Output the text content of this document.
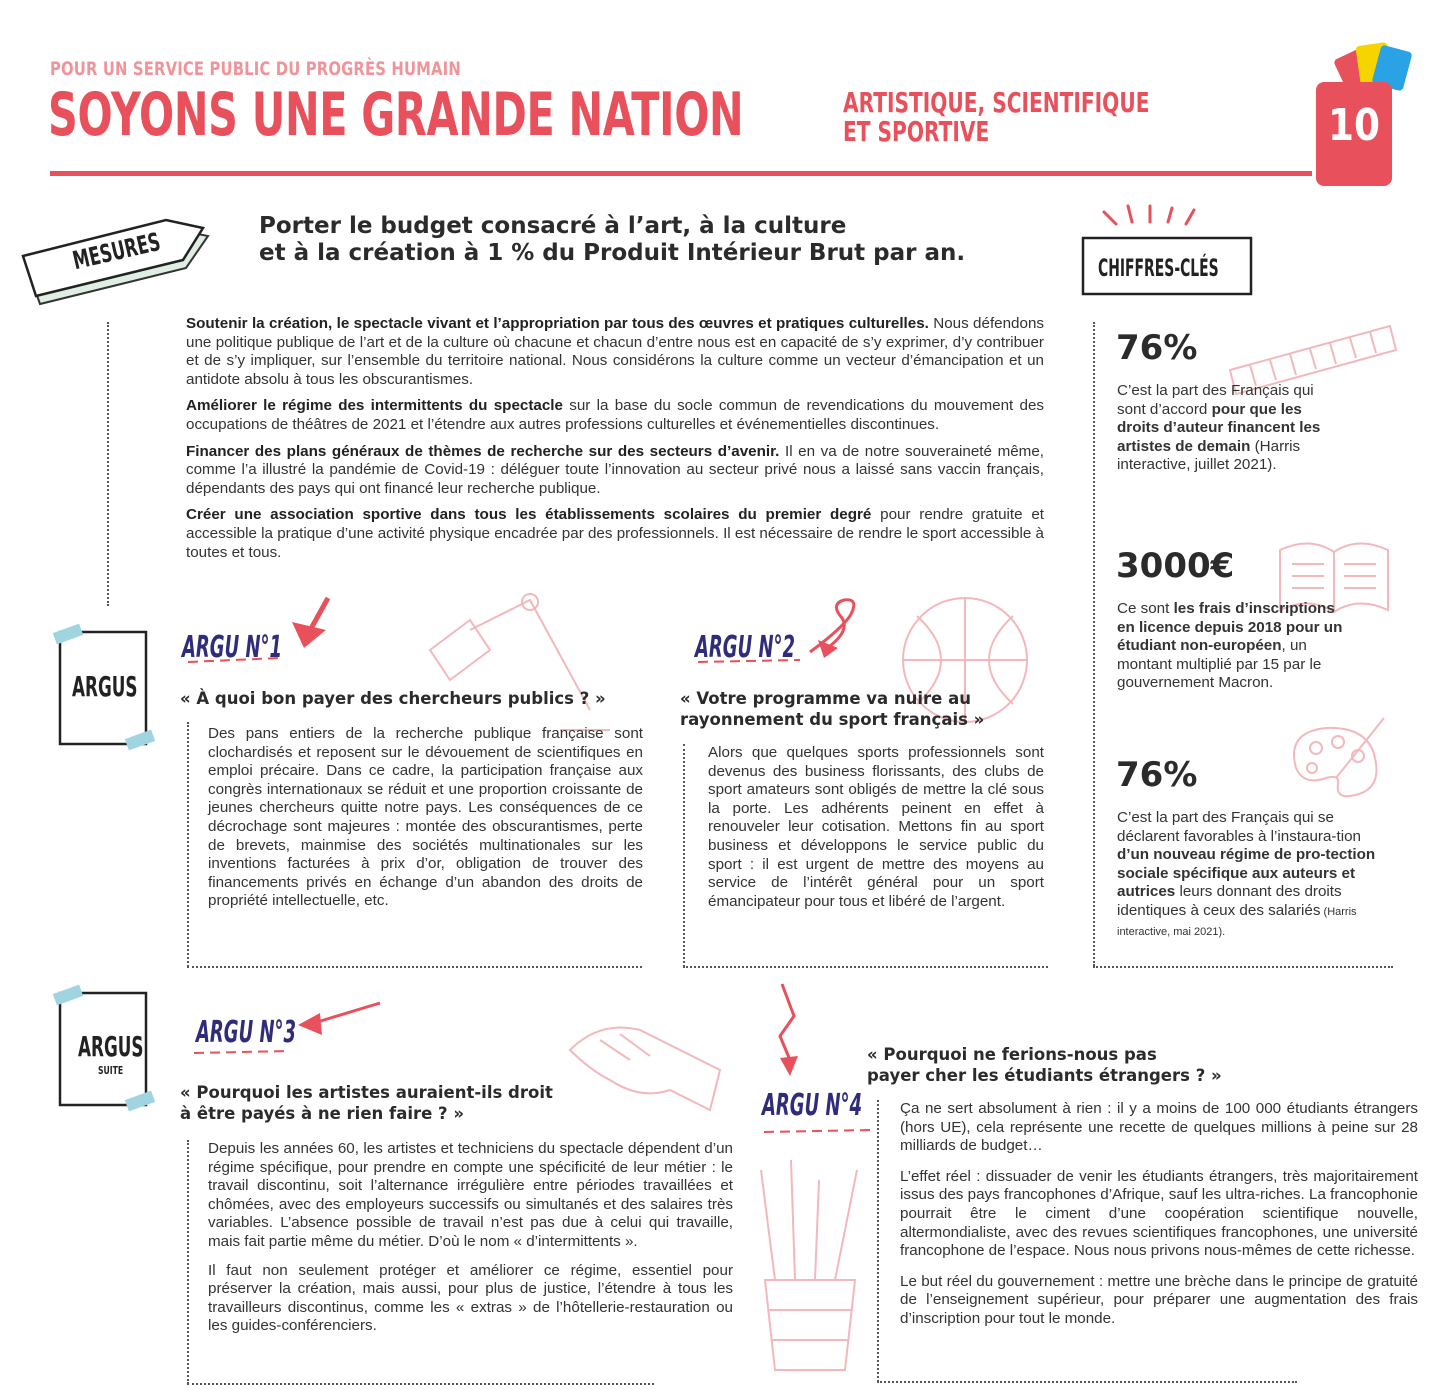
POUR UN SERVICE PUBLIC DU PROGRÈS HUMAIN
SOYONS UNE GRANDE NATION	ARTISTIQUE, SCIENTIFIQUE
ET SPORTIVE	10
MESURES
Porter le budget consacré à l’art, à la culture
et à la création à 1 % du Produit Intérieur Brut par an.

Soutenir la création, le spectacle vivant et l’appropriation par tous des œuvres et pratiques culturelles. Nous défendons une politique publique de l’art et de la culture où chacune et chacun d’entre nous est en capacité de s’y exprimer, d’y contribuer et de s’y impliquer, sur l’ensemble du territoire national. Nous considérons la culture comme un vecteur d’émancipation et un antidote absolu à tous les obscurantismes.

Améliorer le régime des intermittents du spectacle sur la base du socle commun de revendications du mouvement des occupations de théâtres de 2021 et l’étendre aux autres professions culturelles et événementielles discontinues.

Financer des plans généraux de thèmes de recherche sur des secteurs d’avenir. Il en va de notre souveraineté même, comme l’a illustré la pandémie de Covid-19 : déléguer toute l’innovation au secteur privé nous a laissé sans vaccin français, dépendants des pays qui ont financé leur recherche publique.

Créer une association sportive dans tous les établissements scolaires du premier degré pour rendre gratuite et accessible la pratique d’une activité physique encadrée par des professionnels. Il est nécessaire de rendre le sport accessible à toutes et tous.

CHIFFRES-CLÉS
76%
C’est la part des Français qui sont d’accord pour que les droits d’auteur financent les artistes de demain (Harris interactive, juillet 2021).
3000€
Ce sont les frais d’inscriptions en licence depuis 2018 pour un étudiant non-européen, un montant multiplié par 15 par le gouvernement Macron.
76%
C’est la part des Français qui se déclarent favorables à l’instaura-tion d’un nouveau régime de pro-tection sociale spécifique aux auteurs et autrices leurs donnant des droits identiques à ceux des salariés (Harris interactive, mai 2021).
ARGUS
ARGU N°1
« À quoi bon payer des chercheurs publics ? »

Des pans entiers de la recherche publique française sont clochardisés et reposent sur le dévouement de scientifiques en emploi précaire. Dans ce cadre, la participation française aux congrès internationaux se réduit et une proportion croissante de jeunes chercheurs quitte notre pays. Les conséquences de ce décrochage sont majeures : montée des obscurantismes, perte de brevets, mainmise des sociétés multinationales sur les inventions facturées à prix d’or, obligation de trouver des financements privés en échange d’un abandon des droits de propriété intellectuelle, etc.

ARGU N°2
« Votre programme va nuire au
rayonnement du sport français »

Alors que quelques sports professionnels sont devenus des business florissants, des clubs de sport amateurs sont obligés de mettre la clé sous la porte. Les adhérents peinent en effet à renouveler leur cotisation. Mettons fin au sport business et développons le service public du sport : il est urgent de mettre des moyens au service de l’intérêt général pour un sport émancipateur pour tous et libéré de l’argent.

ARGUS
SUITE
ARGU N°3
« Pourquoi les artistes auraient-ils droit
à être payés à ne rien faire ? »

Depuis les années 60, les artistes et techniciens du spectacle dépendent d’un régime spécifique, pour prendre en compte une spécificité de leur métier : le travail discontinu, soit l’alternance irrégulière entre périodes travaillées et chômées, avec des employeurs successifs ou simultanés et des salaires très variables. L’absence possible de travail n’est pas due à celui qui travaille, mais fait partie même du métier. D’où le nom « d’intermittents ».

Il faut non seulement protéger et améliorer ce régime, essentiel pour préserver la création, mais aussi, pour plus de justice, l’étendre à tous les travailleurs discontinus, comme les « extras » de l’hôtellerie-restauration ou les guides-conférenciers.

ARGU N°4
« Pourquoi ne ferions-nous pas
payer cher les étudiants étrangers ? »

Ça ne sert absolument à rien : il y a moins de 100 000 étudiants étrangers (hors UE), cela représente une recette de quelques millions à peine sur 28 milliards de budget…

L’effet réel : dissuader de venir les étudiants étrangers, très majoritairement issus des pays francophones d’Afrique, sauf les ultra-riches. La francophonie pourrait être le ciment d’une coopération scientifique nouvelle, altermondialiste, avec des revues scientifiques francophones, une université francophone de l’espace. Nous nous privons nous-mêmes de cette richesse.

Le but réel du gouvernement : mettre une brèche dans le principe de gratuité de l’enseignement supérieur, pour préparer une augmentation des frais d’inscription pour tout le monde.
